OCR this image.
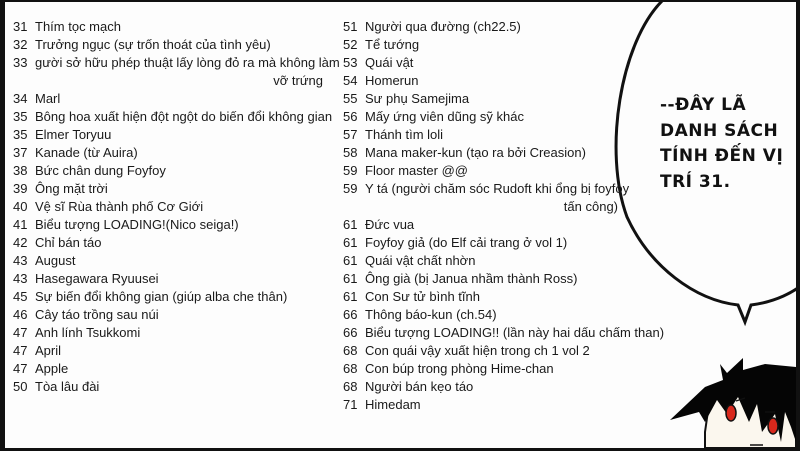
31 Thím tọc mạch
32 Trưởng ngục (sự trốn thoát của tình yêu)
33 gười sở hữu phép thuật lấy lòng đỏ ra mà không làm
vỡ trứng
34 Marl
35 Bông hoa xuất hiện đột ngột do biến đổi không gian
35 Elmer Toryuu
37 Kanade (từ Auira)
38 Bức chân dung Foyfoy
39 Ông mặt trời
40 Vệ sĩ Rùa thành phố Cơ Giới
41 Biểu tượng LOADING!(Nico seiga!)
42 Chỉ bán táo
43 August
43 Hasegawara Ryuusei
45 Sự biến đổi không gian (giúp alba che thân)
46 Cây táo trồng sau núi
47 Anh lính Tsukkomi
47 April
47 Apple
50 Tòa lâu đài
51 Người qua đường (ch22.5)
52 Tể tướng
53 Quái vật
54 Homerun
55 Sư phụ Samejima
56 Mấy ứng viên dũng sỹ khác
57 Thánh tìm loli
58 Mana maker-kun (tạo ra bởi Creasion)
59 Floor master @@
59 Y tá (người chăm sóc Rudoft khi ổng bị foyfoy
tấn công)
61 Đức vua
61 Foyfoy giả (do Elf cải trang ở vol 1)
61 Quái vật chất nhờn
61 Ông già (bị Janua nhầm thành Ross)
61 Con Sư tử bình tĩnh
66 Thông báo-kun (ch.54)
66 Biểu tượng LOADING!! (lần này hai dấu chấm than)
68 Con quái vậy xuất hiện trong ch 1 vol 2
68 Con búp trong phòng Hime-chan
68 Người bán kẹo táo
71 Himedam
--ĐÂY LÃ
DANH SÁCH
TÍNH ĐẾN VỊ
TRÍ 31.
